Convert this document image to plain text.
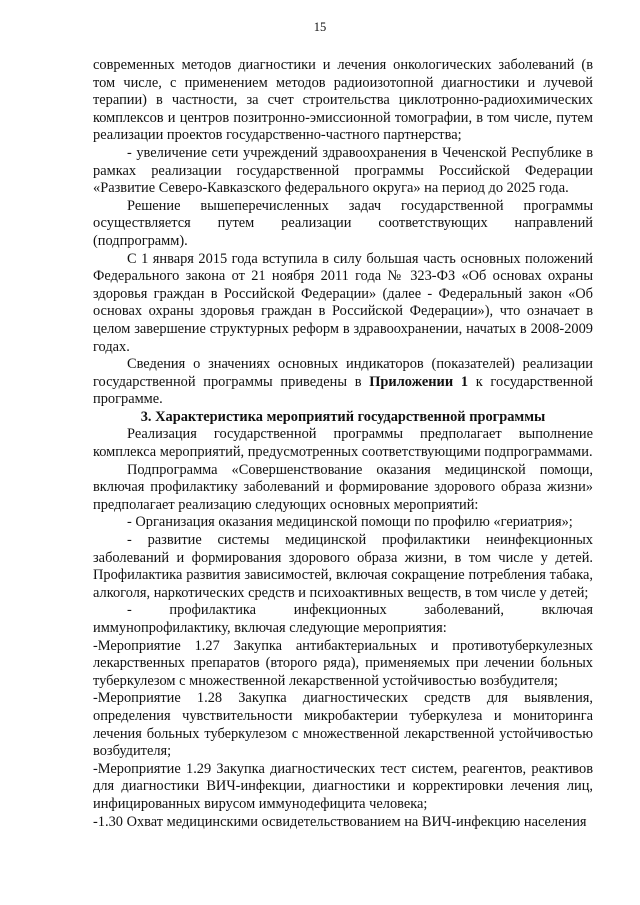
15

современных методов диагностики и лечения онкологических заболеваний (в том числе, с применением методов радиоизотопной диагностики и лучевой терапии) в частности, за счет строительства циклотронно-радиохимических комплексов и центров позитронно-эмиссионной томографии, в том числе, путем реализации проектов государственно-частного партнерства;

- увеличение сети учреждений здравоохранения в Чеченской Республике в рамках реализации государственной программы Российской Федерации «Развитие Северо-Кавказского федерального округа» на период до 2025 года.

Решение вышеперечисленных задач государственной программы осуществляется путем реализации соответствующих направлений (подпрограмм).

С 1 января 2015 года вступила в силу большая часть основных положений Федерального закона от 21 ноября 2011 года № 323-ФЗ «Об основах охраны здоровья граждан в Российской Федерации» (далее - Федеральный закон «Об основах охраны здоровья граждан в Российской Федерации»), что означает в целом завершение структурных реформ в здравоохранении, начатых в 2008-2009 годах.

Сведения о значениях основных индикаторов (показателей) реализации государственной программы приведены в Приложении 1 к государственной программе.

3. Характеристика мероприятий государственной программы

Реализация государственной программы предполагает выполнение комплекса мероприятий, предусмотренных соответствующими подпрограммами.

Подпрограмма «Совершенствование оказания медицинской помощи, включая профилактику заболеваний и формирование здорового образа жизни» предполагает реализацию следующих основных мероприятий:

- Организация оказания медицинской помощи по профилю «гериатрия»;

- развитие системы медицинской профилактики неинфекционных заболеваний и формирования здорового образа жизни, в том числе у детей. Профилактика развития зависимостей, включая сокращение потребления табака, алкоголя, наркотических средств и психоактивных веществ, в том числе у детей;

- профилактика инфекционных заболеваний, включая иммунопрофилактику, включая следующие мероприятия:

-Мероприятие 1.27 Закупка антибактериальных и противотуберкулезных лекарственных препаратов (второго ряда), применяемых при лечении больных туберкулезом с множественной лекарственной устойчивостью возбудителя;

-Мероприятие 1.28 Закупка диагностических средств для выявления, определения чувствительности микробактерии туберкулеза и мониторинга лечения больных туберкулезом с множественной лекарственной устойчивостью возбудителя;

-Мероприятие 1.29 Закупка диагностических тест систем, реагентов, реактивов для диагностики ВИЧ-инфекции, диагностики и корректировки лечения лиц, инфицированных вирусом иммунодефицита человека;

-1.30 Охват медицинскими освидетельствованием на ВИЧ-инфекцию населения
